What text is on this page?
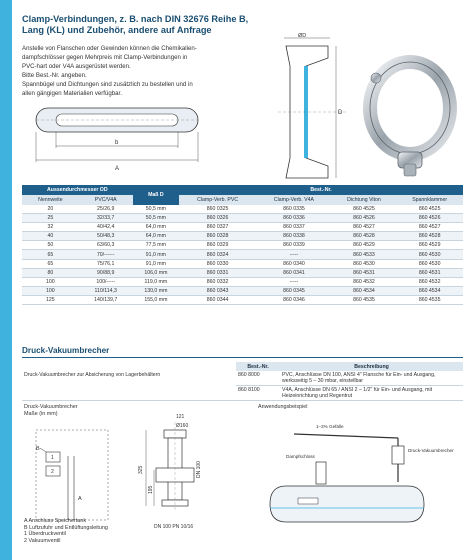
Clamp-Verbindungen, z. B. nach DIN 32676 Reihe B, Lang (KL) und Zubehör, andere auf Anfrage

Anstelle von Flanschen oder Gewinden können die Chemikalien-

dampfschlösser gegen Mehrpreis mit Clamp-Verbindungen in

PVC-hart oder V4A ausgerüstet werden.

Bitte Best.-Nr. angeben.

Spannbügel und Dichtungen sind zusätzlich zu bestellen und in

allen gängigen Materialien verfügbar.

b
A
ØD
D
Aussendurchmesser OD		Maß D	Best.-Nr.			
Nennweite	PVC/V4A		Clamp-Verb. PVC	Clamp-Verb. V4A	Dichtung Viton	Spannklammer
20	25/26,9	50,5 mm	860 0325	860 0335	860 4525	860 4525
25	32/33,7	50,5 mm	860 0326	860 0336	860 4526	860 4526
32	40/42,4	64,0 mm	860 0327	860 0337	860 4527	860 4527
40	50/48,3	64,0 mm	860 0328	860 0338	860 4528	860 4528
50	63/60,3	77,5 mm	860 0329	860 0339	860 4529	860 4529
65	70/------	91,0 mm	860 0324	-----	860 4533	860 4530
65	75/76,1	91,0 mm	860 0330	860 0340	860 4530	860 4530
80	90/88,9	106,0 mm	860 0331	860 0341	860 4531	860 4531
100	100/-----	119,0 mm	860 0332	-----	860 4532	860 4532
100	110/114,3	130,0 mm	860 0343	860 0345	860 4534	860 4534
125	140/139,7	155,0 mm	860 0344	860 0346	860 4535	860 4535
Druck-Vakuumbrecher
	Best.-Nr.	Beschreibung
Druck-Vakuumbrecher zur Absicherung von Lagerbehältern	860 8000	PVC, Anschlüsse DN 100, ANSI 4" Flansche für Ein- und Ausgang, werksseitig 5 – 30 mbar, einstellbar
	860 8100	V4A, Anschlüsse DN 65 / ANSI 2 – 1/2" für Ein- und Ausgang, mit Heizeinrichtung und Regentrut
Druck-Vakuumbrecher
Maße (in mm)
1
2
B
A
121
Ø160
DN 100
325
195
DN 100 PN 10/16
Anwendungsbeispiel
1–2% Gefälle
Druck-Vakuumbrecher
Dampfschloss
A Anschluss Speichertank
B Luftzufuhr und Entlüftungsleitung
1 Überdruckventil
2 Vakuumventil
